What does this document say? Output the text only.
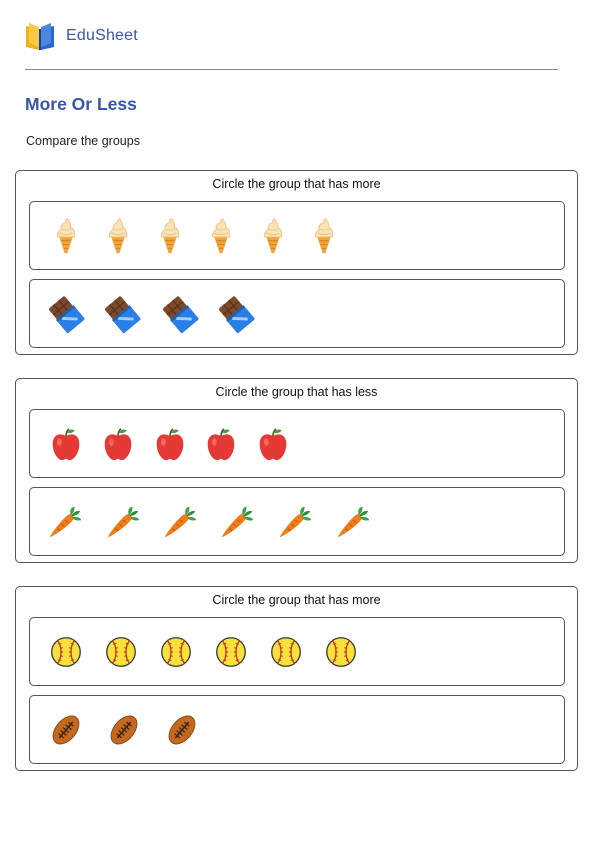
EduSheet
More Or Less
Compare the groups
Circle the group that has more
Circle the group that has less
Circle the group that has more
